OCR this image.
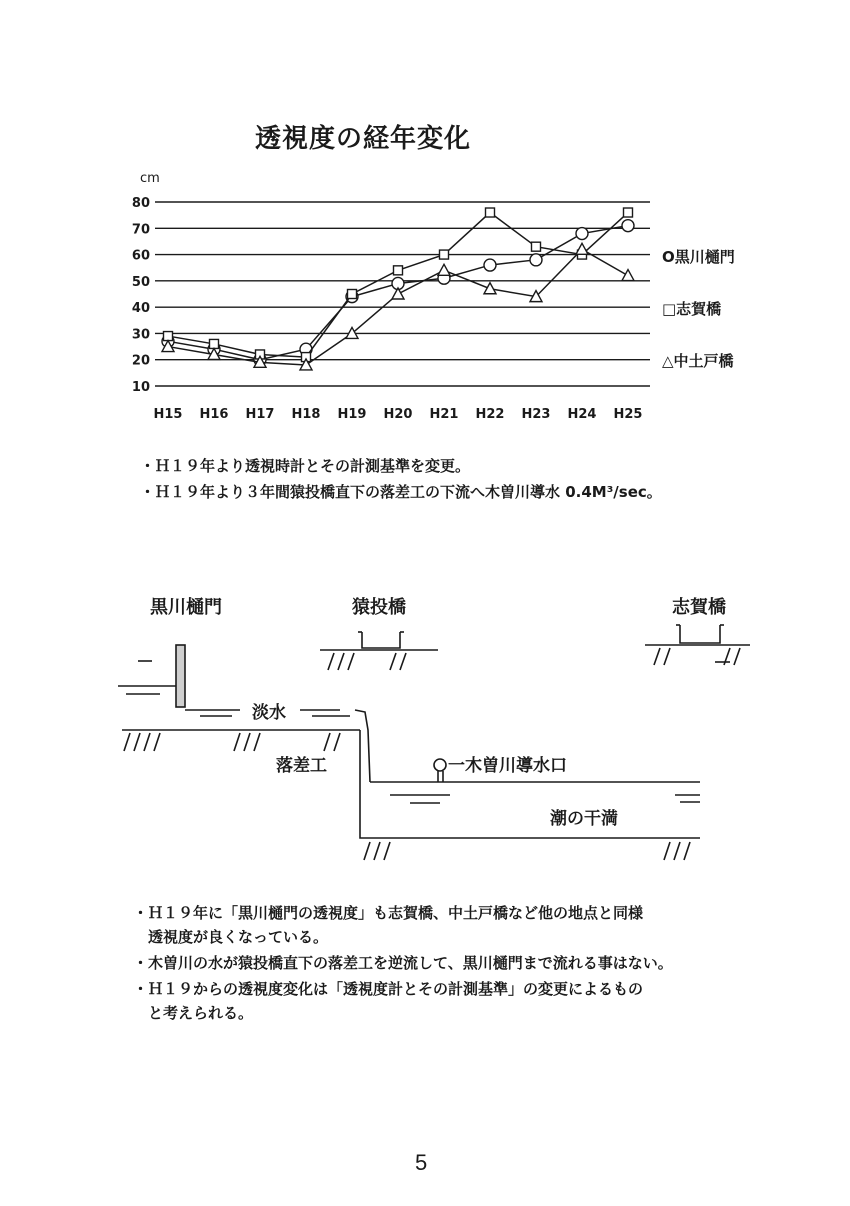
透視度の経年変化
cm
10
20
30
40
50
60
70
80
H15 H16 H17 H18 H19 H20 H21 H22 H23 H24 H25
O黒川樋門
□志賀橋
△中土戸橋
・Ｈ１９年より透視時計とその計測基準を変更。
・Ｈ１９年より３年間猿投橋直下の落差工の下流へ木曽川導水 0.4M³/sec。
黒川樋門	猿投橋	志賀橋
淡水
落差工	一木曽川導水口
潮の干満
・Ｈ１９年に「黒川樋門の透視度」も志賀橋、中土戸橋など他の地点と同様
透視度が良くなっている。
・木曽川の水が猿投橋直下の落差工を逆流して、黒川樋門まで流れる事はない。
・Ｈ１９からの透視度変化は「透視度計とその計測基準」の変更によるもの
と考えられる。
5
